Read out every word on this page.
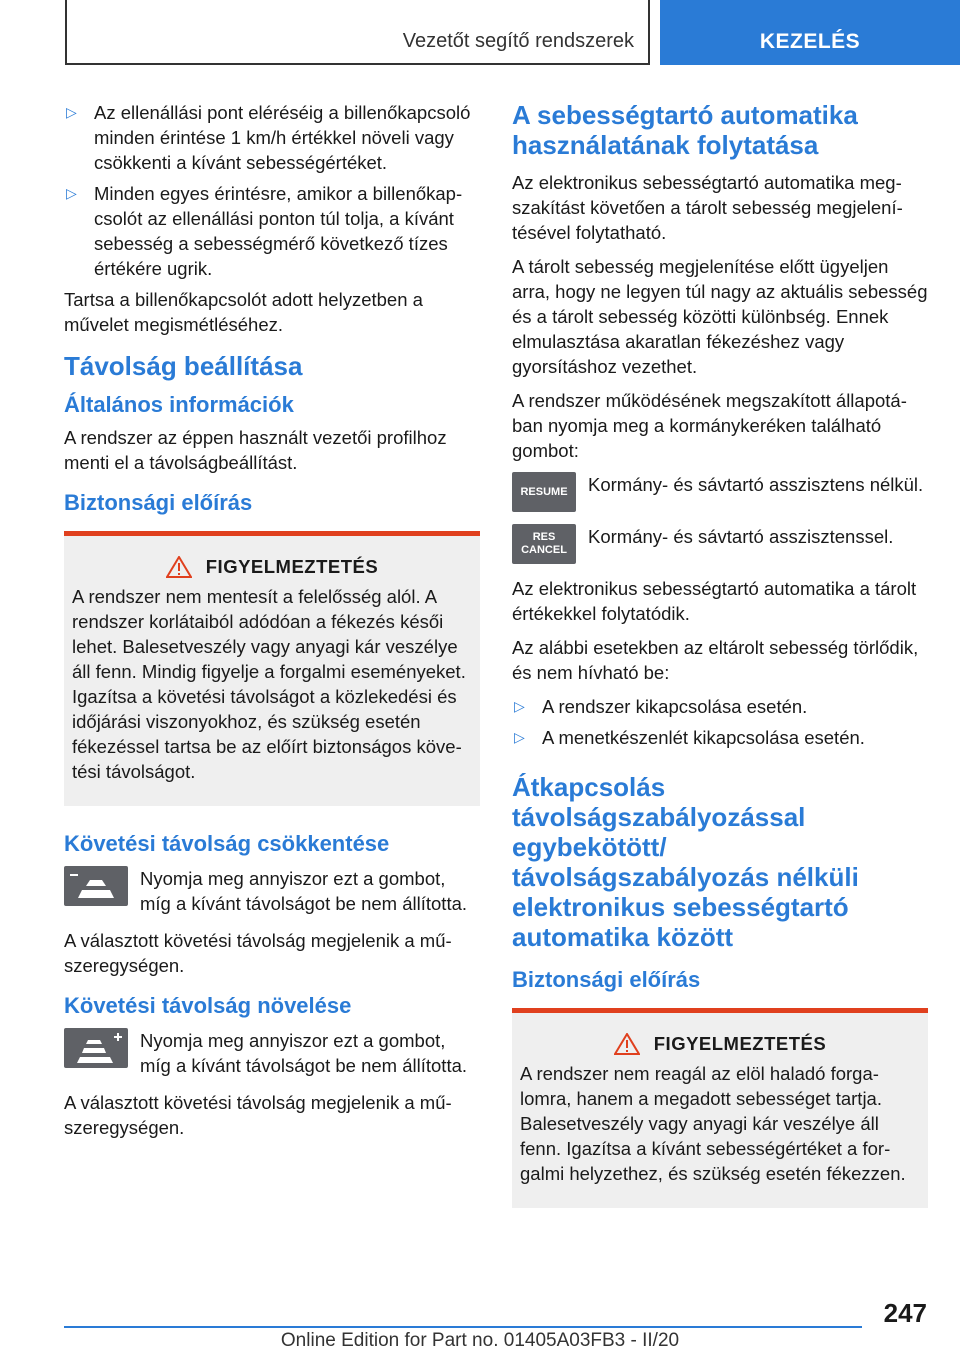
Vezetőt segítő rendszerek	KEZELÉS
▷ Az ellenállási pont eléréséig a billenőkapcsoló minden érintése 1 km/h értékkel növeli vagy csökkenti a kívánt sebességértéket.
▷ Minden egyes érintésre, amikor a billenőkapcsolót az ellenállási ponton túl tolja, a kívánt sebesség a sebességmérő következő tízes értékére ugrik.

Tartsa a billenőkapcsolót adott helyzetben a művelet megismétléséhez.

Távolság beállítása
Általános információk

A rendszer az éppen használt vezetői profilhoz menti el a távolságbeállítást.

Biztonsági előírás
FIGYELMEZTETÉS

A rendszer nem mentesít a felelősség alól. A rendszer korlátaiból adódóan a fékezés késői lehet. Balesetveszély vagy anyagi kár veszélye áll fenn. Mindig figyelje a forgalmi eseményeket. Igazítsa a követési távolságot a közlekedési és időjárási viszonyokhoz, és szükség esetén fékezéssel tartsa be az előírt biztonságos követési távolságot.

Követési távolság csökkentése
Nyomja meg annyiszor ezt a gombot, míg a kívánt távolságot be nem állította.

A választott követési távolság megjelenik a műszeregységen.

Követési távolság növelése
Nyomja meg annyiszor ezt a gombot, míg a kívánt távolságot be nem állította.

A választott követési távolság megjelenik a műszeregységen.

A sebességtartó automatika használatának folytatása

Az elektronikus sebességtartó automatika megszakítást követően a tárolt sebesség megjelenítésével folytatható.

A tárolt sebesség megjelenítése előtt ügyeljen arra, hogy ne legyen túl nagy az aktuális sebesség és a tárolt sebesség közötti különbség. Ennek elmulasztása akaratlan fékezéshez vagy gyorsításhoz vezethet.

A rendszer működésének megszakított állapotában nyomja meg a kormánykeréken található gombot:

RESUME Kormány- és sávtartó asszisztens nélkül.
RES
CANCEL
Kormány- és sávtartó asszisztenssel.

Az elektronikus sebességtartó automatika a tárolt értékekkel folytatódik.

Az alábbi esetekben az eltárolt sebesség törlődik, és nem hívható be:

▷ A rendszer kikapcsolása esetén.
▷ A menetkészenlét kikapcsolása esetén.
Átkapcsolás távolságszabályozással egybekötött/ távolságszabályozás nélküli elektronikus sebességtartó automatika között
Biztonsági előírás
FIGYELMEZTETÉS

A rendszer nem reagál az elöl haladó forgalomra, hanem a megadott sebességet tartja. Balesetveszély vagy anyagi kár veszélye áll fenn. Igazítsa a kívánt sebességértéket a forgalmi helyzethez, és szükség esetén fékezzen.

247
Online Edition for Part no. 01405A03FB3 - II/20
